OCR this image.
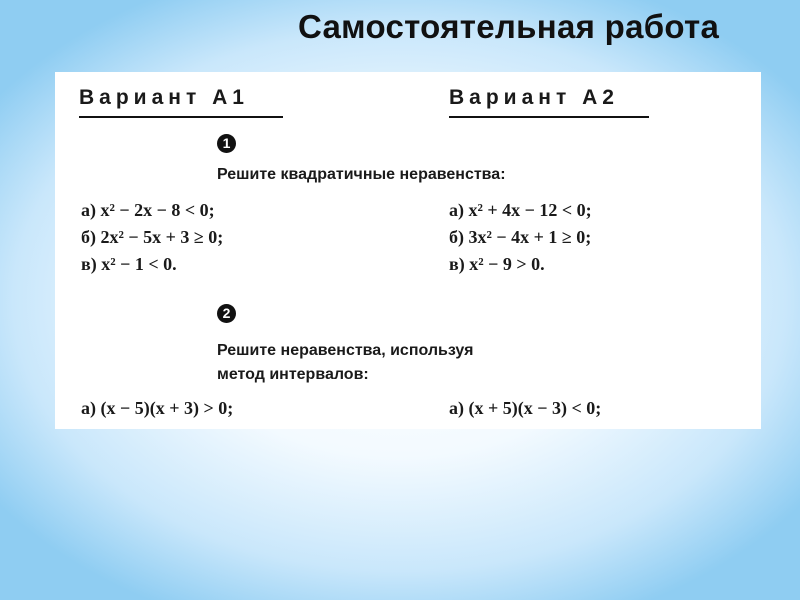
Самостоятельная работа
Вариант А1	Вариант А2
1
Решите квадратичные неравенства:
а) x² − 2x − 8 < 0;
б) 2x² − 5x + 3 ≥ 0;
в) x² − 1 < 0.
а) x² + 4x − 12 < 0;
б) 3x² − 4x + 1 ≥ 0;
в) x² − 9 > 0.
2
Решите неравенства, используя
метод интервалов:
а) (x − 5)(x + 3) > 0;	а) (x + 5)(x − 3) < 0;
